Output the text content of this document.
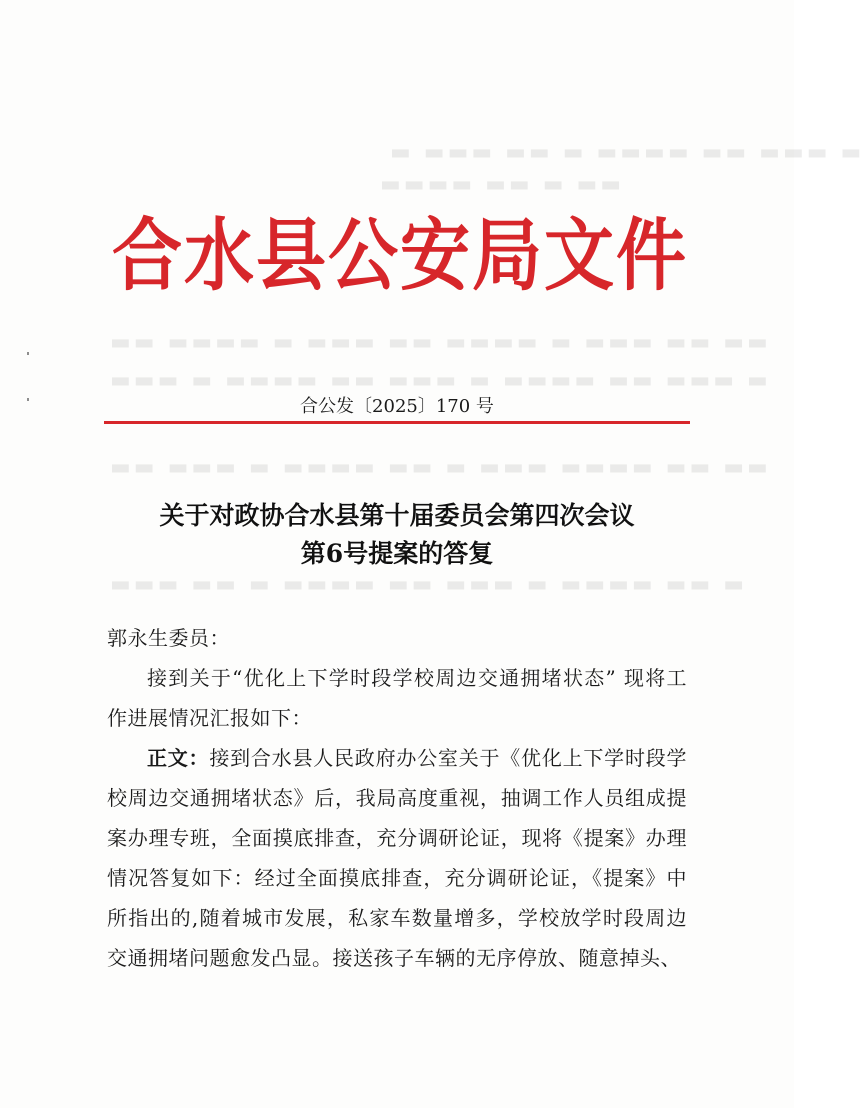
▬ ▬▬▬ ▬▬ ▬ ▬▬▬▬ ▬▬ ▬▬▬ ▬
▬▬▬▬ ▬▬ ▬ ▬▬
▬▬ ▬▬▬▬ ▬ ▬▬▬ ▬▬ ▬▬▬▬ ▬ ▬▬▬ ▬▬ ▬▬
▬▬▬ ▬ ▬▬▬▬ ▬▬ ▬▬▬ ▬ ▬▬▬▬ ▬▬ ▬▬▬ ▬
▬▬ ▬▬▬ ▬ ▬▬▬▬ ▬▬ ▬ ▬▬▬ ▬▬▬▬ ▬▬ ▬▬
▬▬▬ ▬▬ ▬ ▬▬▬▬ ▬▬ ▬▬▬ ▬ ▬▬▬▬ ▬▬ ▬
合水县公安局文件
合公发〔2025〕170 号
关于对政协合水县第十届委员会第四次会议
第6号提案的答复

郭永生委员：

接到关于“优化上下学时段学校周边交通拥堵状态” 现将工作进展情况汇报如下：

正文：接到合水县人民政府办公室关于《优化上下学时段学校周边交通拥堵状态》后，我局高度重视，抽调工作人员组成提案办理专班，全面摸底排查，充分调研论证，现将《提案》办理情况答复如下：经过全面摸底排查，充分调研论证，《提案》中所指出的,随着城市发展，私家车数量增多，学校放学时段周边交通拥堵问题愈发凸显。接送孩子车辆的无序停放、随意掉头、
